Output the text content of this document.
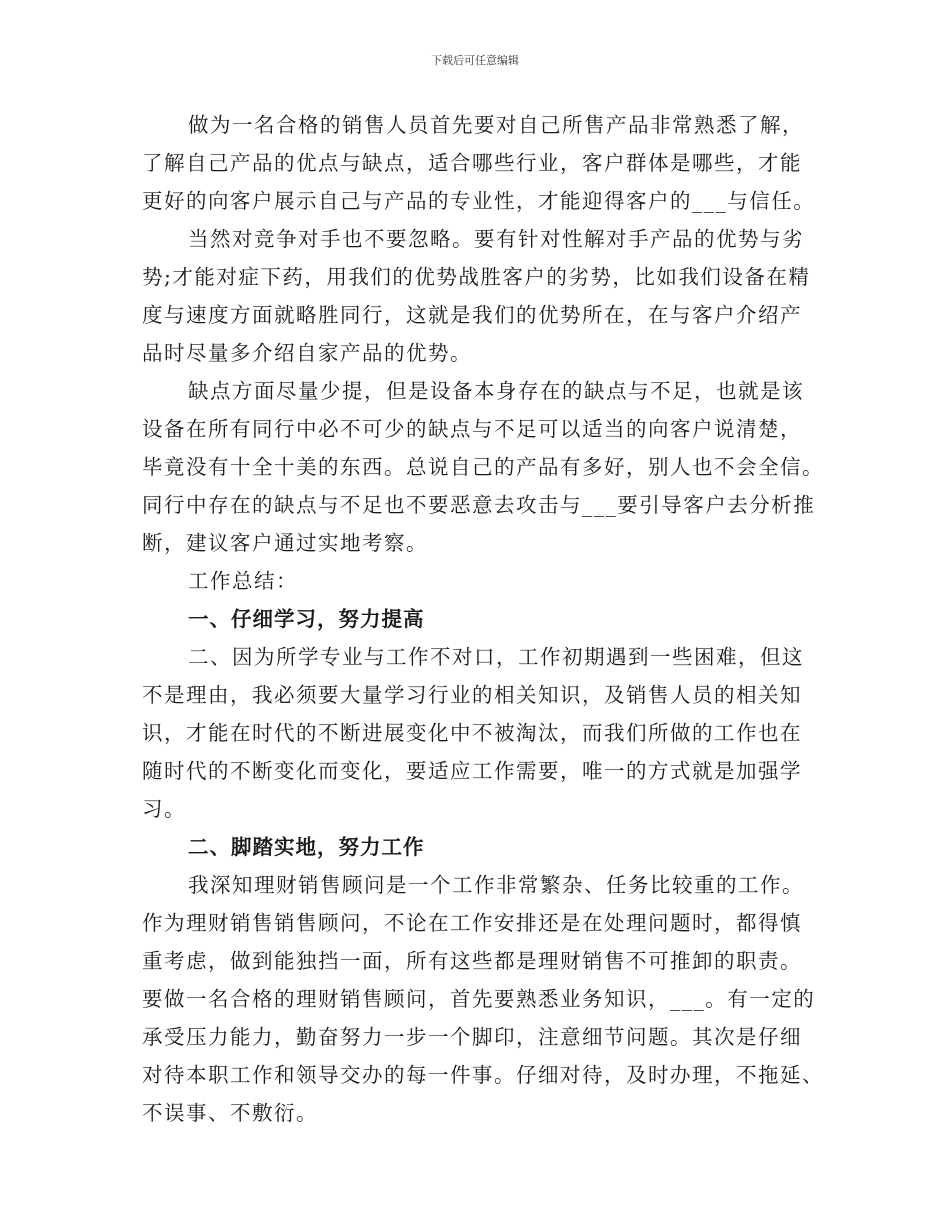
下载后可任意编辑
做为一名合格的销售人员首先要对自己所售产品非常熟悉了解，
了解自己产品的优点与缺点，适合哪些行业，客户群体是哪些，才能
更好的向客户展示自己与产品的专业性，才能迎得客户的___与信任。
当然对竞争对手也不要忽略。要有针对性解对手产品的优势与劣
势;才能对症下药，用我们的优势战胜客户的劣势，比如我们设备在精
度与速度方面就略胜同行，这就是我们的优势所在，在与客户介绍产
品时尽量多介绍自家产品的优势。
缺点方面尽量少提，但是设备本身存在的缺点与不足，也就是该
设备在所有同行中必不可少的缺点与不足可以适当的向客户说清楚，
毕竟没有十全十美的东西。总说自己的产品有多好，别人也不会全信。
同行中存在的缺点与不足也不要恶意去攻击与___要引导客户去分析推
断，建议客户通过实地考察。
工作总结：
一、仔细学习，努力提高
二、因为所学专业与工作不对口，工作初期遇到一些困难，但这
不是理由，我必须要大量学习行业的相关知识，及销售人员的相关知
识，才能在时代的不断进展变化中不被淘汰，而我们所做的工作也在
随时代的不断变化而变化，要适应工作需要，唯一的方式就是加强学
习。
二、脚踏实地，努力工作
我深知理财销售顾问是一个工作非常繁杂、任务比较重的工作。
作为理财销售销售顾问，不论在工作安排还是在处理问题时，都得慎
重考虑，做到能独挡一面，所有这些都是理财销售不可推卸的职责。
要做一名合格的理财销售顾问，首先要熟悉业务知识，___。有一定的
承受压力能力，勤奋努力一步一个脚印，注意细节问题。其次是仔细
对待本职工作和领导交办的每一件事。仔细对待，及时办理，不拖延、
不误事、不敷衍。
